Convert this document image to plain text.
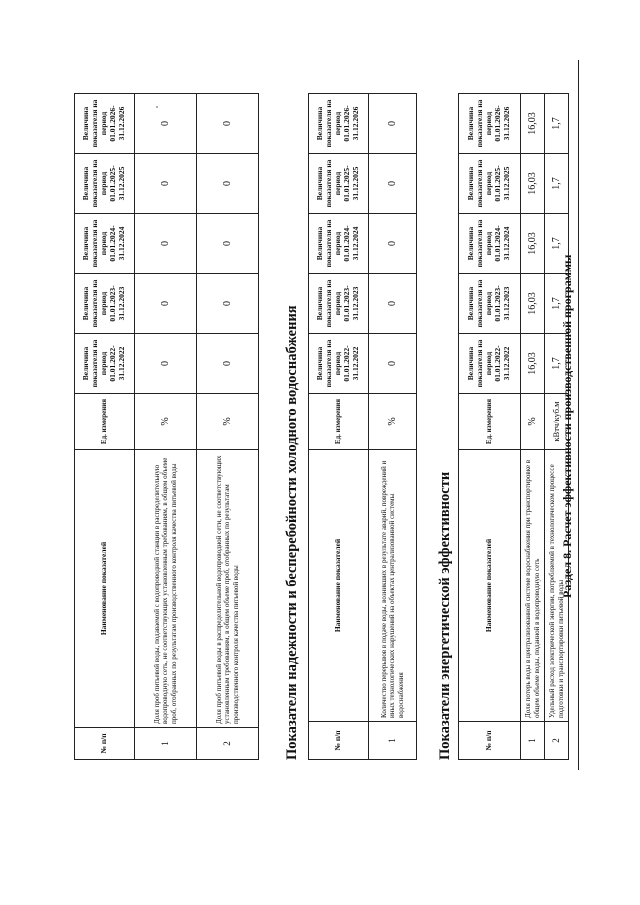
№ п/п	Наименование показателей	Ед. измерения	Величина показателя на период 01.01.2022-31.12.2022	Величина показателя на период 01.01.2023-31.12.2023	Величина показателя на период 01.01.2024-31.12.2024	Величина показателя на период 01.01.2025-31.12.2025	Величина показателя на период 01.01.2026-31.12.2026
1	Доля проб питьевой воды, подаваемой с водопроводной станции в распределительную водопроводную сеть, не соответствующих установленным требованиям, в общем объеме проб, отобранных по результатам производственного контроля качества питьевой воды	%	0	0	0	0	0
2	Доля проб питьевой воды в распределительной водопроводной сети, не соответствующих установленным требованиям, в общем объеме проб, отобранных по результатам производственного контроля качества питьевой воды	%	0	0	0	0	0
Показатели надежности и бесперебойности холодного водоснабжения	№ п/п	Наименование показателей	Ед. измерения	Величина показателя на период 01.01.2022-31.12.2022	Величина показателя на период 01.01.2023-31.12.2023	Величина показателя на период 01.01.2024-31.12.2024	Величина показателя на период 01.01.2025-31.12.2025	Величина показателя на период 01.01.2026-31.12.2026
1	Количество перерывов в подаче воды, возникших в результате аварий, повреждений и иных технологических нарушений на объектах централизованной системы водоснабжения	%	0	0	0	0	0
Показатели энергетической эффективности	№ п/п	Наименование показателей	Ед. измерения	Величина показателя на период 01.01.2022-31.12.2022	Величина показателя на период 01.01.2023-31.12.2023	Величина показателя на период 01.01.2024-31.12.2024	Величина показателя на период 01.01.2025-31.12.2025	Величина показателя на период 01.01.2026-31.12.2026
1	Доля потерь воды в централизованной системе водоснабжения при транспортировке в общем объеме воды, поданной в водопроводную сеть	%	16,03	16,03	16,03	16,03	16,03
2	Удельный расход электрической энергии, потребляемой в технологическом процессе подготовки и транспортировки питьевой воды	кВтч/куб.м	1,7	1,7	1,7	1,7	1,7
Раздел 8. Расчет эффективности производственной программы
